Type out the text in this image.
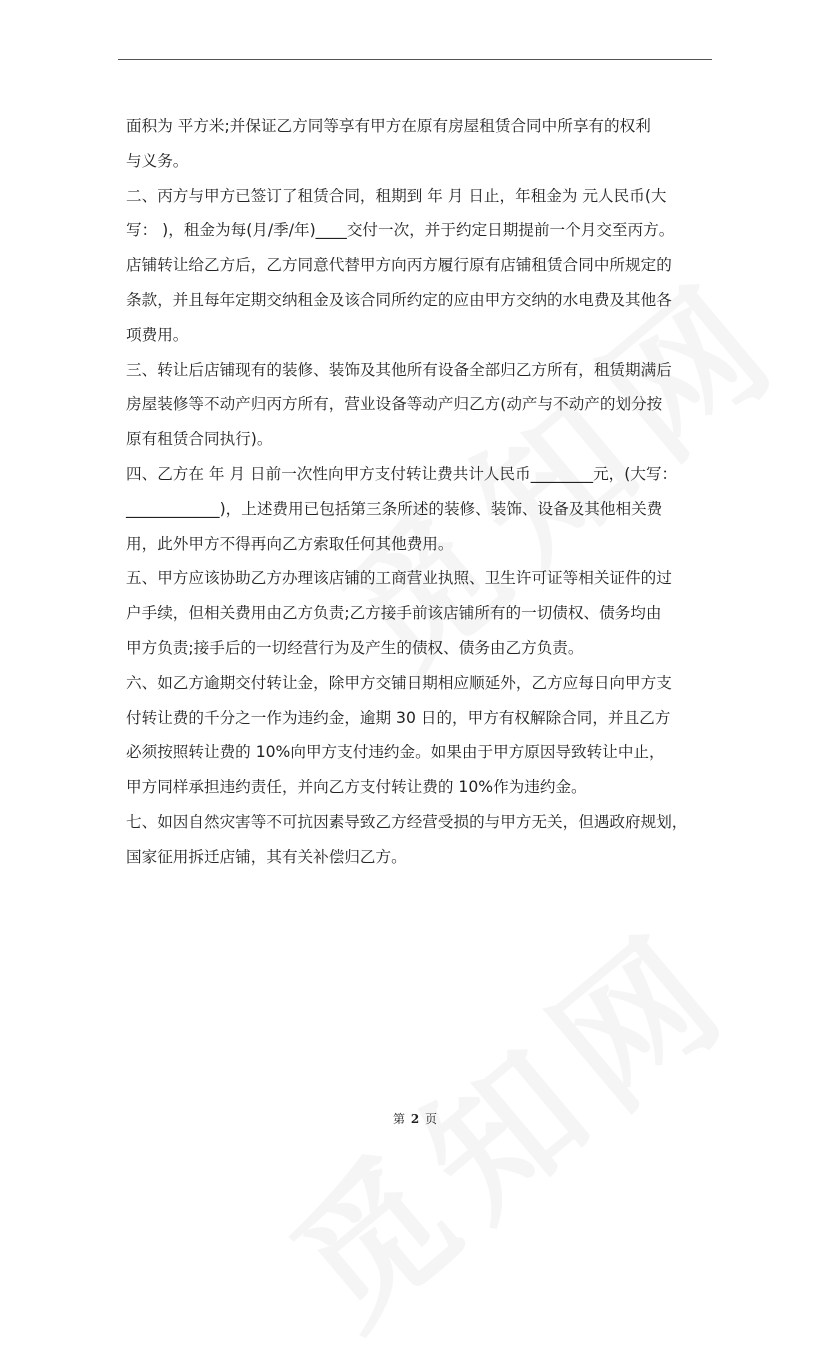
面积为 平方米;并保证乙方同等享有甲方在原有房屋租赁合同中所享有的权利
与义务。
二、丙方与甲方已签订了租赁合同，租期到 年 月 日止，年租金为 元人民币(大
写： )，租金为每(月/季/年)____交付一次，并于约定日期提前一个月交至丙方。
店铺转让给乙方后，乙方同意代替甲方向丙方履行原有店铺租赁合同中所规定的
条款，并且每年定期交纳租金及该合同所约定的应由甲方交纳的水电费及其他各
项费用。
三、转让后店铺现有的装修、装饰及其他所有设备全部归乙方所有，租赁期满后
房屋装修等不动产归丙方所有，营业设备等动产归乙方(动产与不动产的划分按
原有租赁合同执行)。
四、乙方在 年 月 日前一次性向甲方支付转让费共计人民币________元，(大写：
____________)，上述费用已包括第三条所述的装修、装饰、设备及其他相关费
用，此外甲方不得再向乙方索取任何其他费用。
五、甲方应该协助乙方办理该店铺的工商营业执照、卫生许可证等相关证件的过
户手续，但相关费用由乙方负责;乙方接手前该店铺所有的一切债权、债务均由
甲方负责;接手后的一切经营行为及产生的债权、债务由乙方负责。
六、如乙方逾期交付转让金，除甲方交铺日期相应顺延外，乙方应每日向甲方支
付转让费的千分之一作为违约金，逾期 30 日的，甲方有权解除合同，并且乙方
必须按照转让费的 10%向甲方支付违约金。如果由于甲方原因导致转让中止，
甲方同样承担违约责任，并向乙方支付转让费的 10%作为违约金。
七、如因自然灾害等不可抗因素导致乙方经营受损的与甲方无关，但遇政府规划，
国家征用拆迁店铺，其有关补偿归乙方。
第 2 页
